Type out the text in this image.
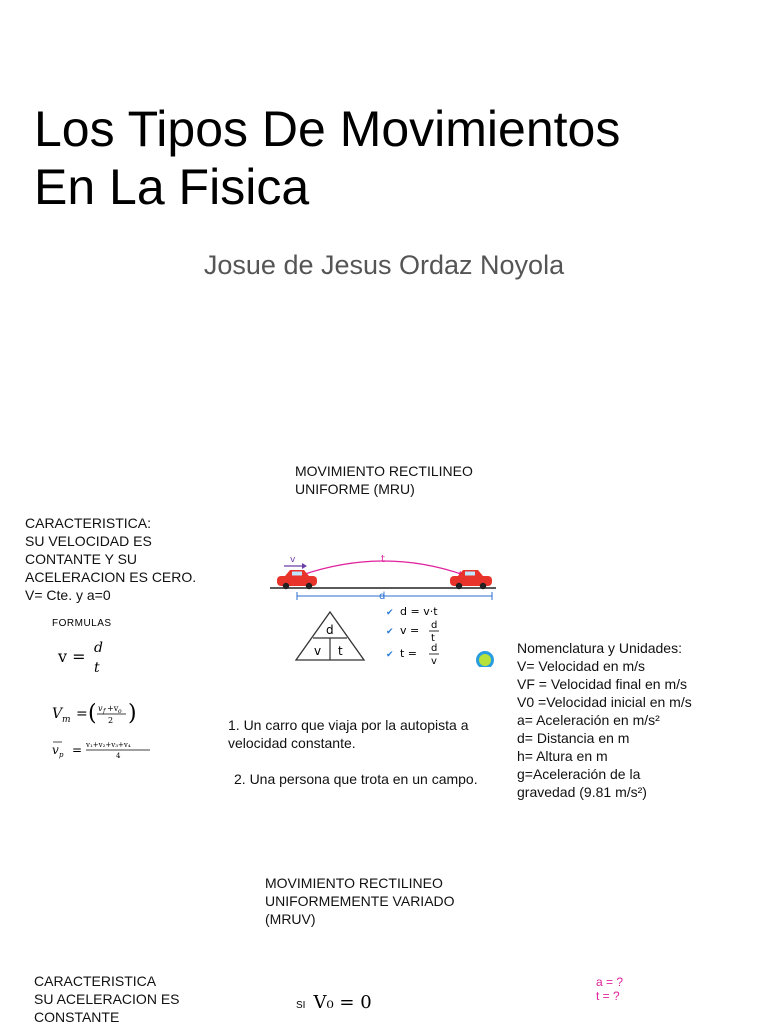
Los Tipos De Movimientos
En La Fisica
Josue de Jesus Ordaz Noyola
MOVIMIENTO RECTILINEO
UNIFORME (MRU)
CARACTERISTICA:
SU VELOCIDAD ES
CONTANTE Y SU
ACELERACION ES CERO.
V= Cte. y a=0
FORMULAS
v = d
t
V m = ( v f +v o
2 )
v p = v₁+v₂+v₃+v₄
4
v	t
d
d
v t
✔ d = v·t
✔ v = d
t
✔ t = d
v

1. Un carro que viaja por la autopista a velocidad constante.

2. Una persona que trota en un campo.

Nomenclatura y Unidades:
V= Velocidad en m/s
VF = Velocidad final en m/s
V0 =Velocidad inicial en m/s
a= Aceleración en m/s²
d= Distancia en m
h= Altura en m
g=Aceleración de la
gravedad (9.81 m/s²)
MOVIMIENTO RECTILINEO
UNIFORMEMENTE VARIADO
(MRUV)
CARACTERISTICA
SU ACELERACION ES
CONSTANTE
SI V₀ = 0
a = ?
t = ?
